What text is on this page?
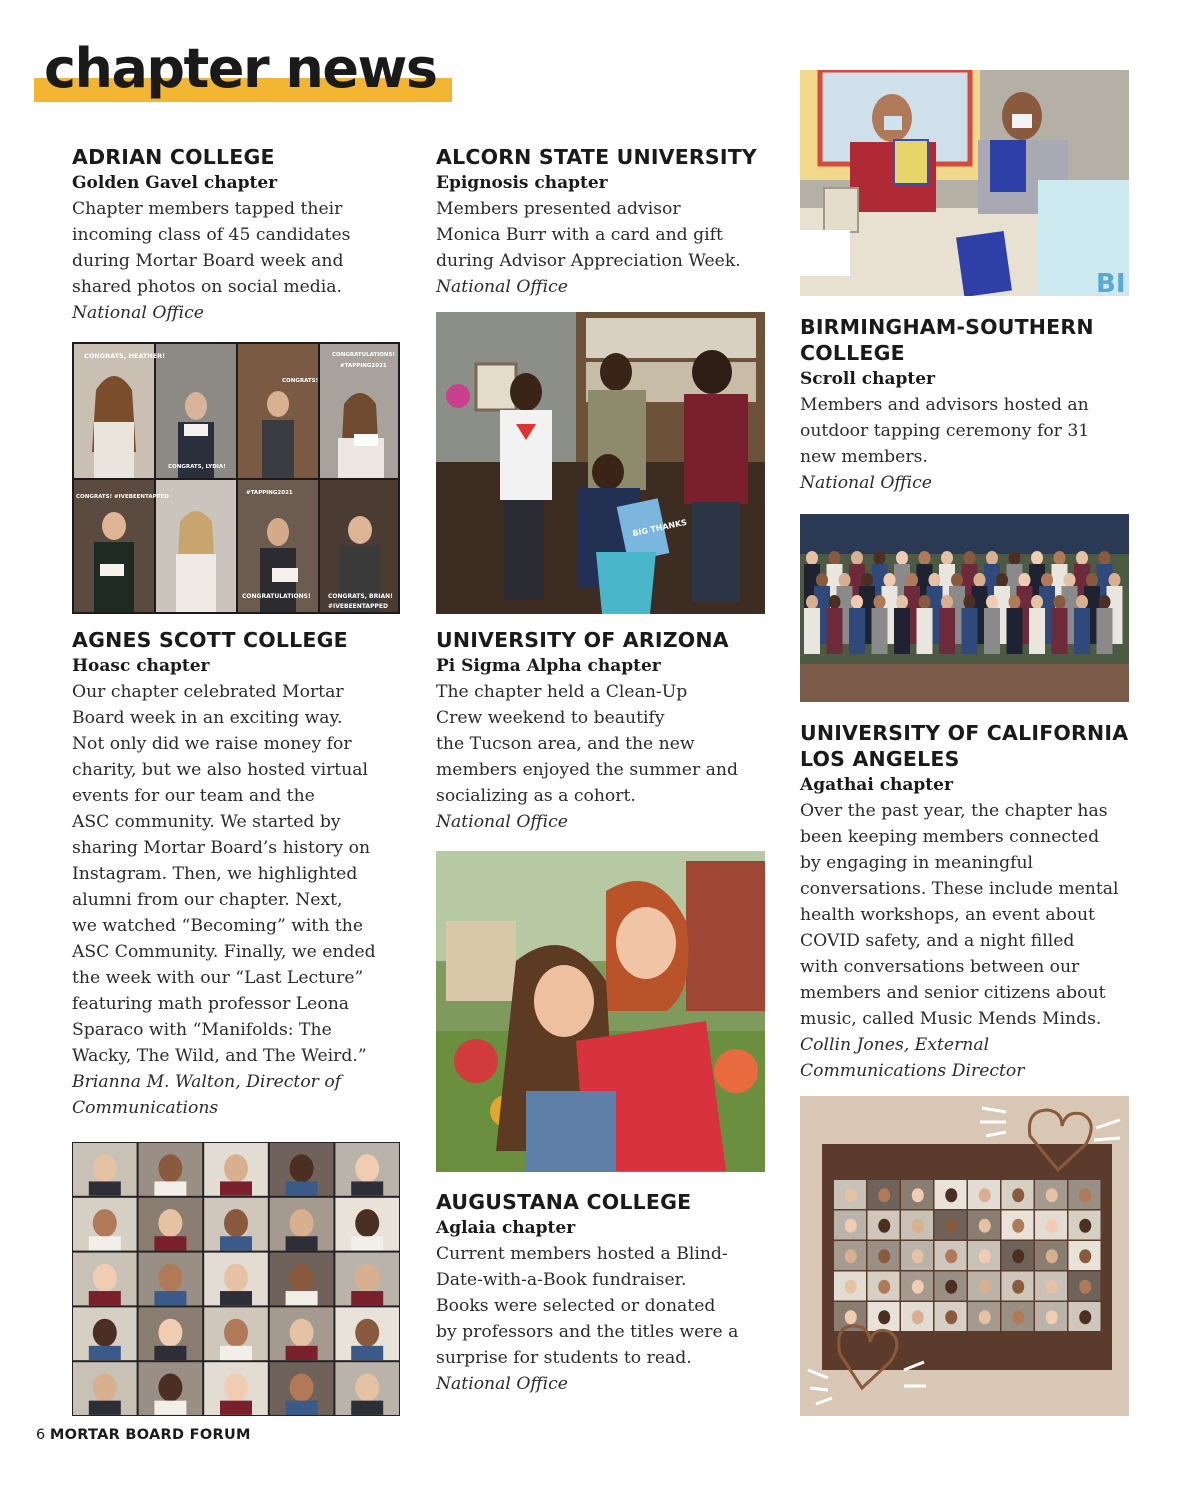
chapter news
ADRIAN COLLEGE
Golden Gavel chapter
Chapter members tapped their
incoming class of 45 candidates
during Mortar Board week and
shared photos on social media.
National Office
CONGRATS, HEATHER!	CONGRATULATIONS!
#TAPPING2021
CONGRATS, LYDIA!
CONGRATS!
CONGRATS! #IVEBEENTAPPED
#TAPPING2021
CONGRATULATIONS!	CONGRATS, BRIAN!
#IVEBEENTAPPED
AGNES SCOTT COLLEGE
Hoasc chapter
Our chapter celebrated Mortar
Board week in an exciting way.
Not only did we raise money for
charity, but we also hosted virtual
events for our team and the
ASC community. We started by
sharing Mortar Board’s history on
Instagram. Then, we highlighted
alumni from our chapter. Next,
we watched “Becoming” with the
ASC Community. Finally, we ended
the week with our “Last Lecture”
featuring math professor Leona
Sparaco with “Manifolds: The
Wacky, The Wild, and The Weird.”
Brianna M. Walton, Director of
Communications
ALCORN STATE UNIVERSITY
Epignosis chapter
Members presented advisor
Monica Burr with a card and gift
during Advisor Appreciation Week.
National Office
BIG THANKS
UNIVERSITY OF ARIZONA
Pi Sigma Alpha chapter
The chapter held a Clean-Up
Crew weekend to beautify
the Tucson area, and the new
members enjoyed the summer and
socializing as a cohort.
National Office
AUGUSTANA COLLEGE
Aglaia chapter
Current members hosted a Blind-
Date-with-a-Book fundraiser.
Books were selected or donated
by professors and the titles were a
surprise for students to read.
National Office
BI
BIRMINGHAM-SOUTHERN
COLLEGE
Scroll chapter
Members and advisors hosted an
outdoor tapping ceremony for 31
new members.
National Office
UNIVERSITY OF CALIFORNIA
LOS ANGELES
Agathai chapter
Over the past year, the chapter has
been keeping members connected
by engaging in meaningful
conversations. These include mental
health workshops, an event about
COVID safety, and a night filled
with conversations between our
members and senior citizens about
music, called Music Mends Minds.
Collin Jones, External
Communications Director
6 MORTAR BOARD FORUM
